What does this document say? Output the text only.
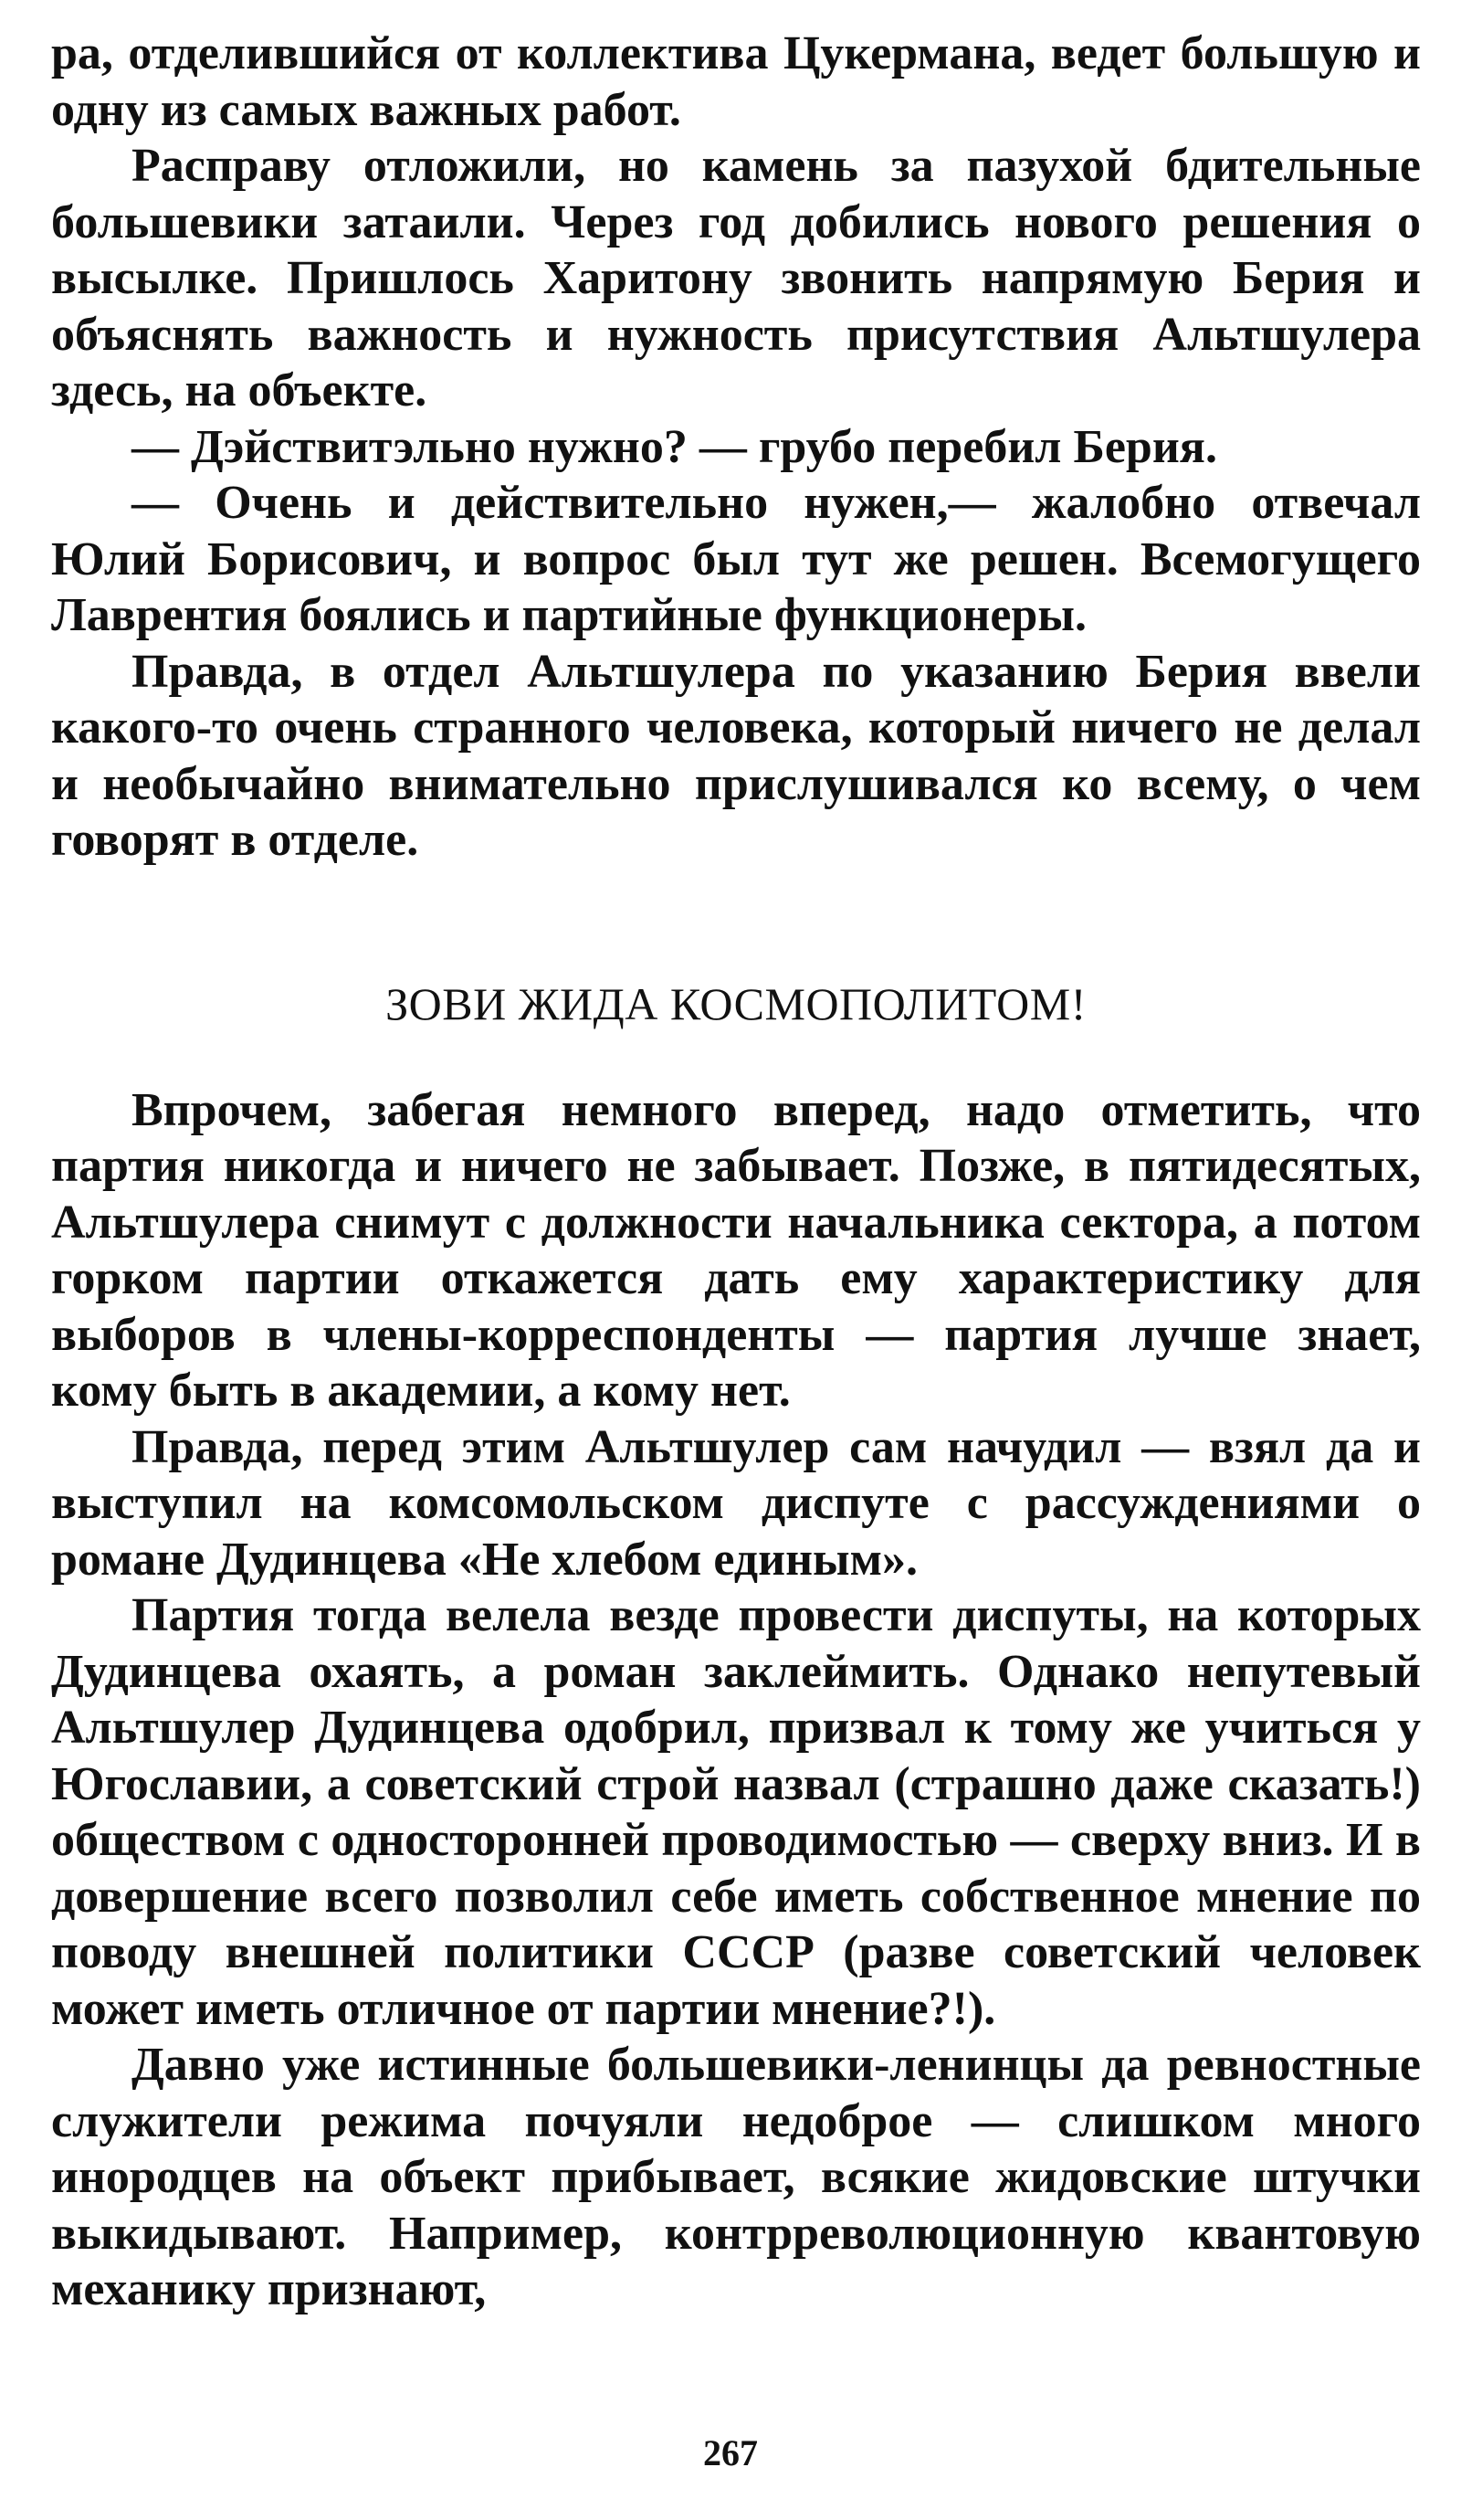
ра, отделившийся от коллектива Цукермана, ведет большую и одну из самых важных работ.

Расправу отложили, но камень за пазухой бдительные большевики затаили. Через год добились нового решения о высылке. Пришлось Харитону звонить напрямую Берия и объяснять важность и нужность присутствия Альтшулера здесь, на объекте.

— Дэйствитэльно нужно? — грубо перебил Берия.

— Очень и действительно нужен,— жалобно отвечал Юлий Борисович, и вопрос был тут же решен. Всемогущего Лаврентия боялись и партийные функционеры.

Правда, в отдел Альтшулера по указанию Берия ввели какого-то очень странного человека, который ничего не делал и необычайно внимательно прислушивался ко всему, о чем говорят в отделе.

ЗОВИ ЖИДА КОСМОПОЛИТОМ!

Впрочем, забегая немного вперед, надо отметить, что партия никогда и ничего не забывает. Позже, в пятидесятых, Альтшулера снимут с должности начальника сектора, а потом горком партии откажется дать ему характеристику для выборов в члены-корреспонденты — партия лучше знает, кому быть в академии, а кому нет.

Правда, перед этим Альтшулер сам начудил — взял да и выступил на комсомольском диспуте с рассуждениями о романе Дудинцева «Не хлебом единым».

Партия тогда велела везде провести диспуты, на которых Дудинцева охаять, а роман заклеймить. Однако непутевый Альтшулер Дудинцева одобрил, призвал к тому же учиться у Югославии, а советский строй назвал (страшно даже сказать!) обществом с односторонней проводимостью — сверху вниз. И в довершение всего позволил себе иметь собственное мнение по поводу внешней политики СССР (разве советский человек может иметь отличное от партии мнение?!).

Давно уже истинные большевики-ленинцы да ревностные служители режима почуяли недоброе — слишком много инородцев на объект прибывает, всякие жидовские штучки выкидывают. Например, контрреволюционную квантовую механику признают,

267
